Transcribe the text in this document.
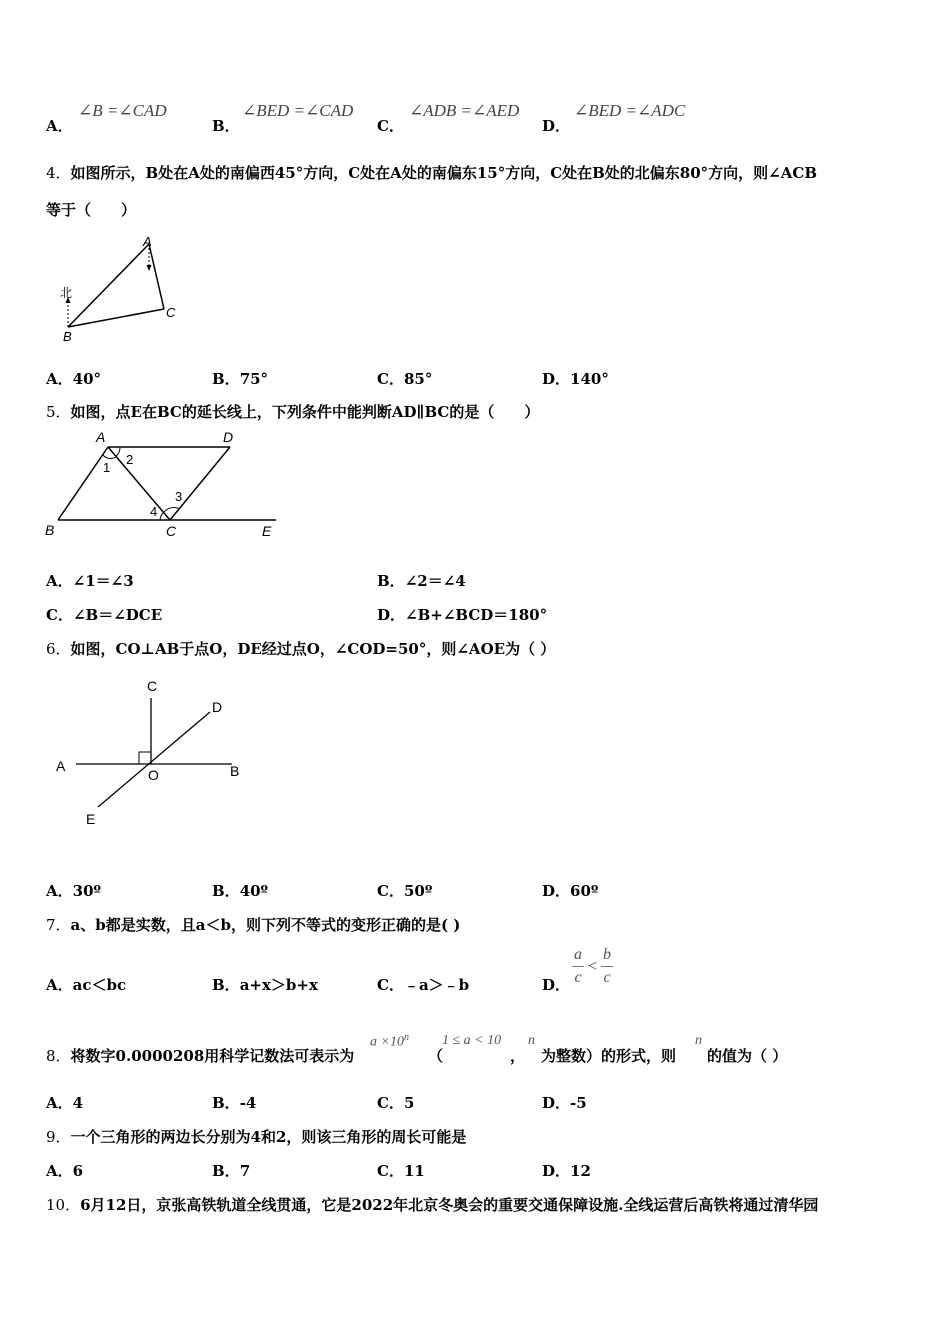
A．
∠B =∠CAD
B．
∠BED =∠CAD
C．
∠ADB =∠AED
D．
∠BED =∠ADC
4．如图所示，B处在A处的南偏西45°方向，C处在A处的南偏东15°方向，C处在B处的北偏东80°方向，则∠ACB
等于（　　）
A
B
C
北
A．40°	B．75°	C．85°	D．140°
5．如图，点E在BC的延长线上，下列条件中能判断AD∥BC的是（　　）
A	D
B	C	E
1
2
3
4
A．∠1＝∠3	B．∠2＝∠4
C．∠B＝∠DCE	D．∠B+∠BCD＝180°
6．如图，CO⊥AB于点O，DE经过点O，∠COD=50°，则∠AOE为（ ）
C
D
A	B
O
E
A．30º	B．40º	C．50º	D．60º
7．a、b都是实数，且a＜b，则下列不等式的变形正确的是( )
A．ac＜bc	B．a+x＞b+x	C．﹣a＞﹣b	D． $\frac{a}{c} < \frac{b}{c}$
8．将数字0.0000208用科学记数法可表示为
$a \times 10^n$
（
1 ≤ a < 10
，
n
为整数）的形式，则
n
的值为（ ）
A．4	B．-4	C．5	D．-5
9．一个三角形的两边长分别为4和2，则该三角形的周长可能是
A．6	B．7	C．11	D．12
10．6月12日，京张高铁轨道全线贯通，它是2022年北京冬奥会的重要交通保障设施.全线运营后高铁将通过清华园
